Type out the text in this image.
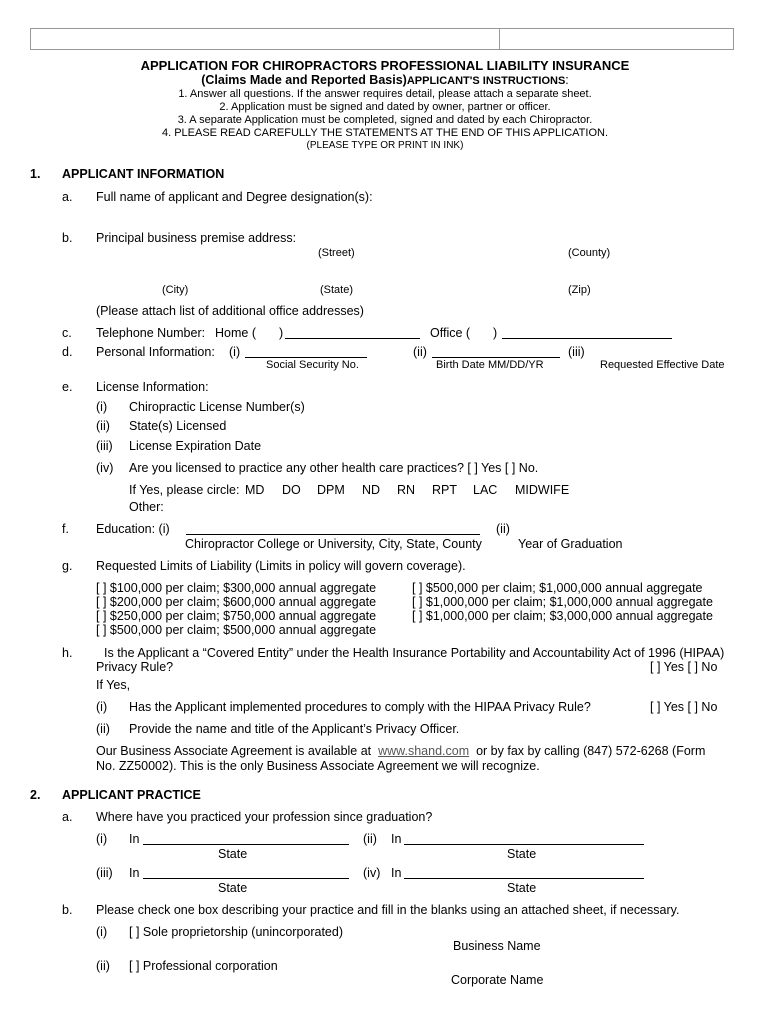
APPLICATION FOR CHIROPRACTORS PROFESSIONAL LIABILITY INSURANCE
(Claims Made and Reported Basis)APPLICANT'S INSTRUCTIONS:
1. Answer all questions. If the answer requires detail, please attach a separate sheet.
2. Application must be signed and dated by owner, partner or officer.
3. A separate Application must be completed, signed and dated by each Chiropractor.
4. PLEASE READ CAREFULLY THE STATEMENTS AT THE END OF THIS APPLICATION.
(PLEASE TYPE OR PRINT IN INK)
1. APPLICANT INFORMATION
a. Full name of applicant and Degree designation(s):
b. Principal business premise address:
(Street)	(County)
(City)	(State)	(Zip)
(Please attach list of additional office addresses)
c. Telephone Number: Home ( )	Office ( )
d. Personal Information: (i)	(ii)	(iii)
Social Security No.	Birth Date MM/DD/YR	Requested Effective Date
e. License Information:
(i) Chiropractic License Number(s)
(ii) State(s) Licensed
(iii) License Expiration Date
(iv) Are you licensed to practice any other health care practices? [ ] Yes [ ] No.
If Yes, please circle: MD DO DPM ND RN RPT LAC MIDWIFE
Other:
f. Education: (i)	(ii)
Chiropractor College or University, City, State, County	Year of Graduation
g. Requested Limits of Liability (Limits in policy will govern coverage).
[ ] $100,000 per claim; $300,000 annual aggregate
[ ] $200,000 per claim; $600,000 annual aggregate
[ ] $250,000 per claim; $750,000 annual aggregate
[ ] $500,000 per claim; $500,000 annual aggregate
[ ] $500,000 per claim; $1,000,000 annual aggregate
[ ] $1,000,000 per claim; $1,000,000 annual aggregate
[ ] $1,000,000 per claim; $3,000,000 annual aggregate
h.	Is the Applicant a “Covered Entity” under the Health Insurance Portability and Accountability Act of 1996 (HIPAA)
Privacy Rule?	[ ] Yes [ ] No
If Yes,
(i) Has the Applicant implemented procedures to comply with the HIPAA Privacy Rule?	[ ] Yes [ ] No
(ii) Provide the name and title of the Applicant’s Privacy Officer.
Our Business Associate Agreement is available at www.shand.com or by fax by calling (847) 572-6268 (Form
No. ZZ50002). This is the only Business Associate Agreement we will recognize.
2. APPLICANT PRACTICE
a. Where have you practiced your profession since graduation?
(i) In	(ii) In
State	State
(iii) In	(iv) In
State	State
b. Please check one box describing your practice and fill in the blanks using an attached sheet, if necessary.
(i) [ ] Sole proprietorship (unincorporated)
Business Name
(ii) [ ] Professional corporation
Corporate Name
